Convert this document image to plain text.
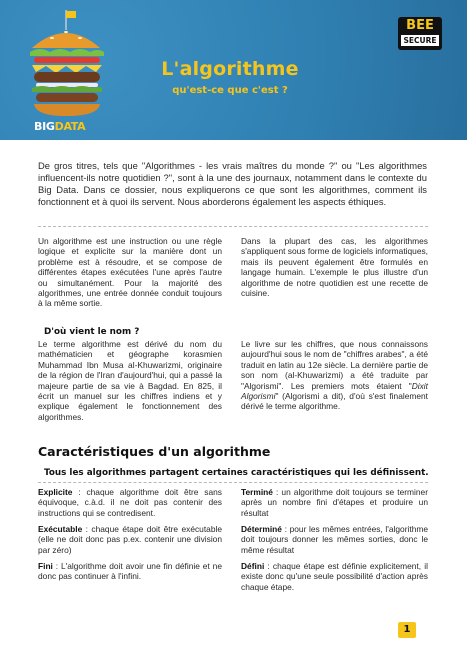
BIGDATA
L'algorithme
qu'est-ce que c'est ?
BEE
SECURE

De gros titres, tels que "Algorithmes - les vrais maîtres du monde ?" ou "Les algorithmes influencent-ils notre quotidien ?", sont à la une des journaux, notamment dans le contexte du Big Data. Dans ce dossier, nous expliquerons ce que sont les algorithmes, comment ils fonctionnent et à quoi ils servent. Nous aborderons également les aspects éthiques.

Un algorithme est une instruction ou une règle logique et explicite sur la manière dont un problème est à résoudre, et se compose de différentes étapes exécutées l'une après l'autre ou simultanément. Pour la majorité des algorithmes, une entrée donnée conduit toujours à la même sortie.

Dans la plupart des cas, les algorithmes s'appliquent sous forme de logiciels informatiques, mais ils peuvent également être formulés en langage humain. L'exemple le plus illustre d'un algorithme de notre quotidien est une recette de cuisine.

D'où vient le nom ?

Le terme algorithme est dérivé du nom du mathématicien et géographe korasmien Muhammad Ibn Musa al-Khuwarizmi, originaire de la région de l'Iran d'aujourd'hui, qui a passé la majeure partie de sa vie à Bagdad. En 825, il écrit un manuel sur les chiffres indiens et y explique également le fonctionnement des algorithmes.

Le livre sur les chiffres, que nous connaissons aujourd'hui sous le nom de "chiffres arabes", a été traduit en latin au 12e siècle. La dernière partie de son nom (al-Khuwarizmi) a été traduite par "Algorismi". Les premiers mots étaient "Dixit Algorismi" (Algorismi a dit), d'où s'est finalement dérivé le terme algorithme.

Caractéristiques d'un algorithme
Tous les algorithmes partagent certaines caractéristiques qui les définissent.

Explicite : chaque algorithme doit être sans équivoque, c.à.d. il ne doit pas contenir des instructions qui se contredisent.

Exécutable : chaque étape doit être exécutable (elle ne doit donc pas p.ex. contenir une division par zéro)

Fini : L'algorithme doit avoir une fin définie et ne donc pas continuer à l'infini.

Terminé : un algorithme doit toujours se terminer après un nombre fini d'étapes et produire un résultat

Déterminé : pour les mêmes entrées, l'algorithme doit toujours donner les mêmes sorties, donc le même résultat

Défini : chaque étape est définie explicitement, il existe donc qu'une seule possibilité d'action après chaque étape.

1
